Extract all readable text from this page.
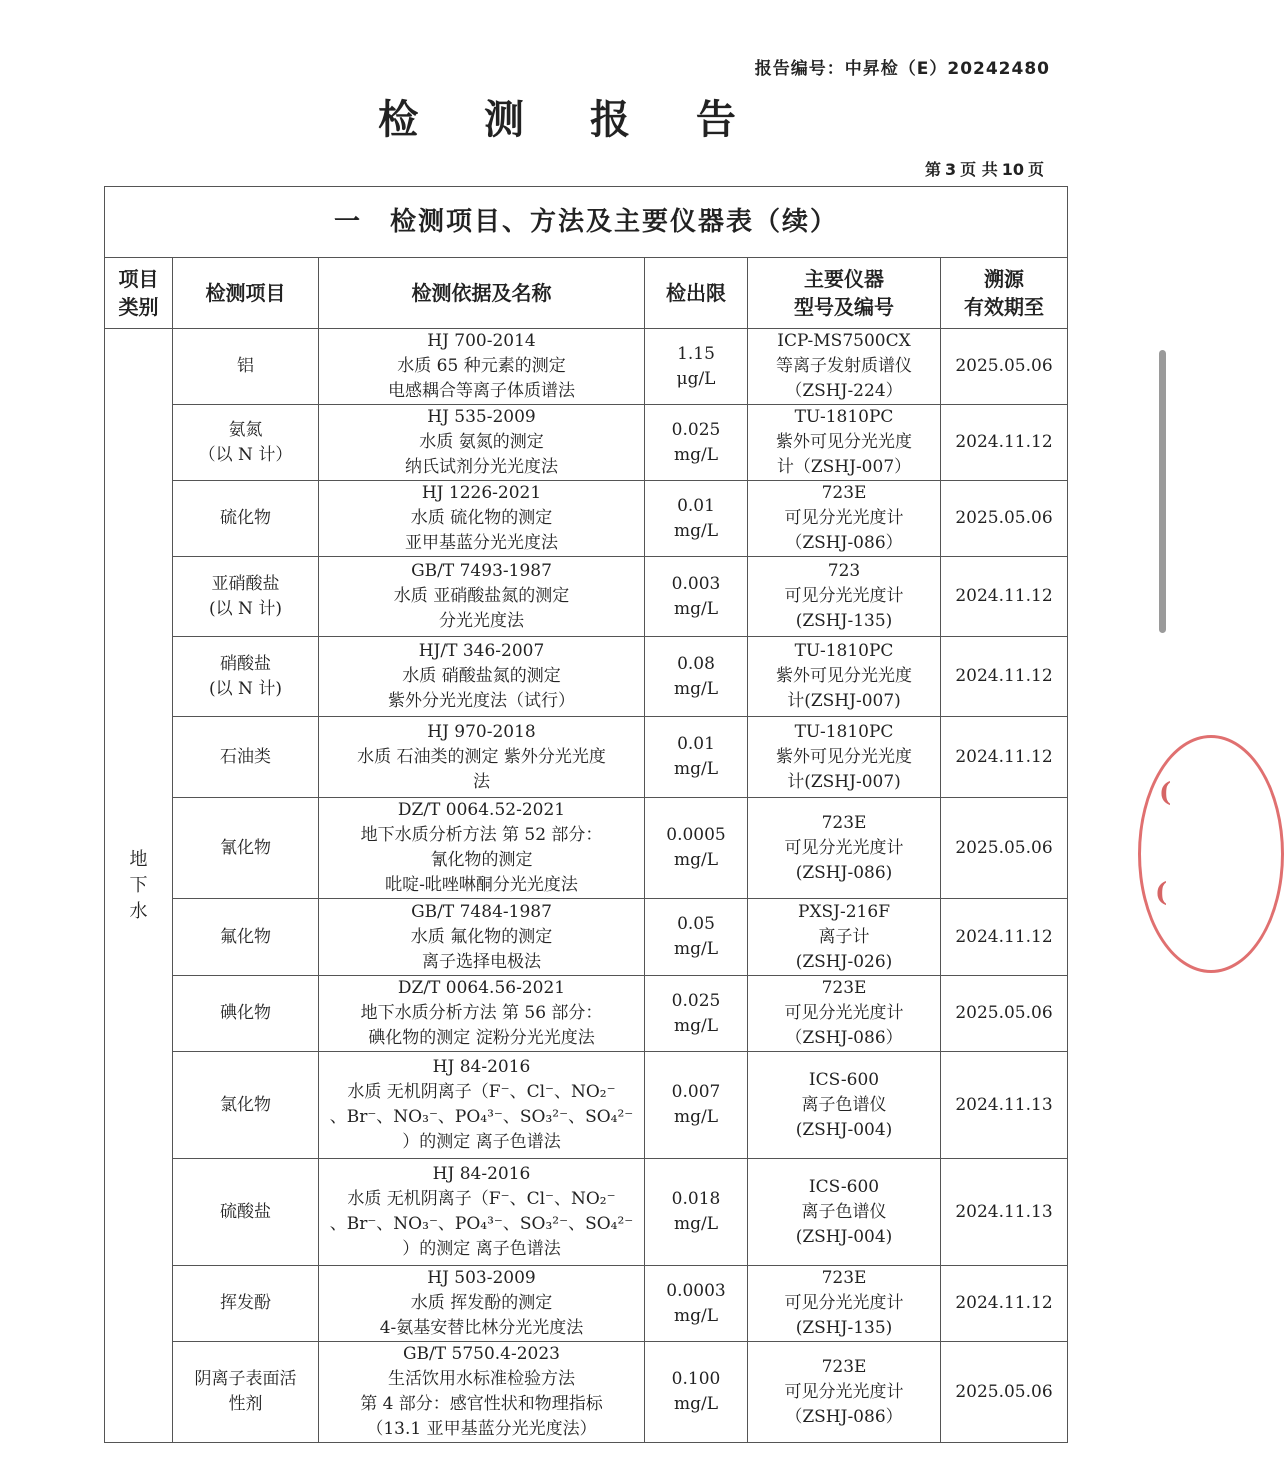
报告编号：中昇检（E）20242480
检 测 报 告
第 3 页 共 10 页
一　检测项目、方法及主要仪器表（续）					

项目
类别	检测项目	检测依据及名称	检出限	主要仪器
型号及编号	溯源
有效期至

地
下
水	铝	HJ 700-2014
水质 65 种元素的测定
电感耦合等离子体质谱法	1.15
μg/L	ICP-MS7500CX
等离子发射质谱仪
（ZSHJ-224）	2025.05.06

	氨氮
（以 N 计）	HJ 535-2009
水质 氨氮的测定
纳氏试剂分光光度法	0.025
mg/L	TU-1810PC
紫外可见分光光度
计（ZSHJ-007）	2024.11.12

	硫化物	HJ 1226-2021
水质 硫化物的测定
亚甲基蓝分光光度法	0.01
mg/L	723E
可见分光光度计
（ZSHJ-086）	2025.05.06

	亚硝酸盐
(以 N 计)	GB/T 7493-1987
水质 亚硝酸盐氮的测定
分光光度法	0.003
mg/L	723
可见分光光度计
(ZSHJ-135)	2024.11.12

	硝酸盐
(以 N 计)	HJ/T 346-2007
水质 硝酸盐氮的测定
紫外分光光度法（试行）	0.08
mg/L	TU-1810PC
紫外可见分光光度
计(ZSHJ-007)	2024.11.12

	石油类	HJ 970-2018
水质 石油类的测定 紫外分光光度
法	0.01
mg/L	TU-1810PC
紫外可见分光光度
计(ZSHJ-007)	2024.11.12

	氰化物	DZ/T 0064.52-2021
地下水质分析方法 第 52 部分：
氰化物的测定
吡啶-吡唑啉酮分光光度法	0.0005
mg/L	723E
可见分光光度计
(ZSHJ-086)	2025.05.06

	氟化物	GB/T 7484-1987
水质 氟化物的测定
离子选择电极法	0.05
mg/L	PXSJ-216F
离子计
(ZSHJ-026)	2024.11.12

	碘化物	DZ/T 0064.56-2021
地下水质分析方法 第 56 部分：
碘化物的测定 淀粉分光光度法	0.025
mg/L	723E
可见分光光度计
（ZSHJ-086）	2025.05.06

	氯化物	HJ 84-2016
水质 无机阴离子（F⁻、Cl⁻、NO₂⁻
、Br⁻、NO₃⁻、PO₄³⁻、SO₃²⁻、SO₄²⁻
）的测定 离子色谱法	0.007
mg/L	ICS-600
离子色谱仪
(ZSHJ-004)	2024.11.13

	硫酸盐	HJ 84-2016
水质 无机阴离子（F⁻、Cl⁻、NO₂⁻
、Br⁻、NO₃⁻、PO₄³⁻、SO₃²⁻、SO₄²⁻
）的测定 离子色谱法	0.018
mg/L	ICS-600
离子色谱仪
(ZSHJ-004)	2024.11.13

	挥发酚	HJ 503-2009
水质 挥发酚的测定
4-氨基安替比林分光光度法	0.0003
mg/L	723E
可见分光光度计
(ZSHJ-135)	2024.11.12

	阴离子表面活
性剂	GB/T 5750.4-2023
生活饮用水标准检验方法
第 4 部分：感官性状和物理指标
（13.1 亚甲基蓝分光光度法）	0.100
mg/L	723E
可见分光光度计
（ZSHJ-086）	2025.05.06
(
(
